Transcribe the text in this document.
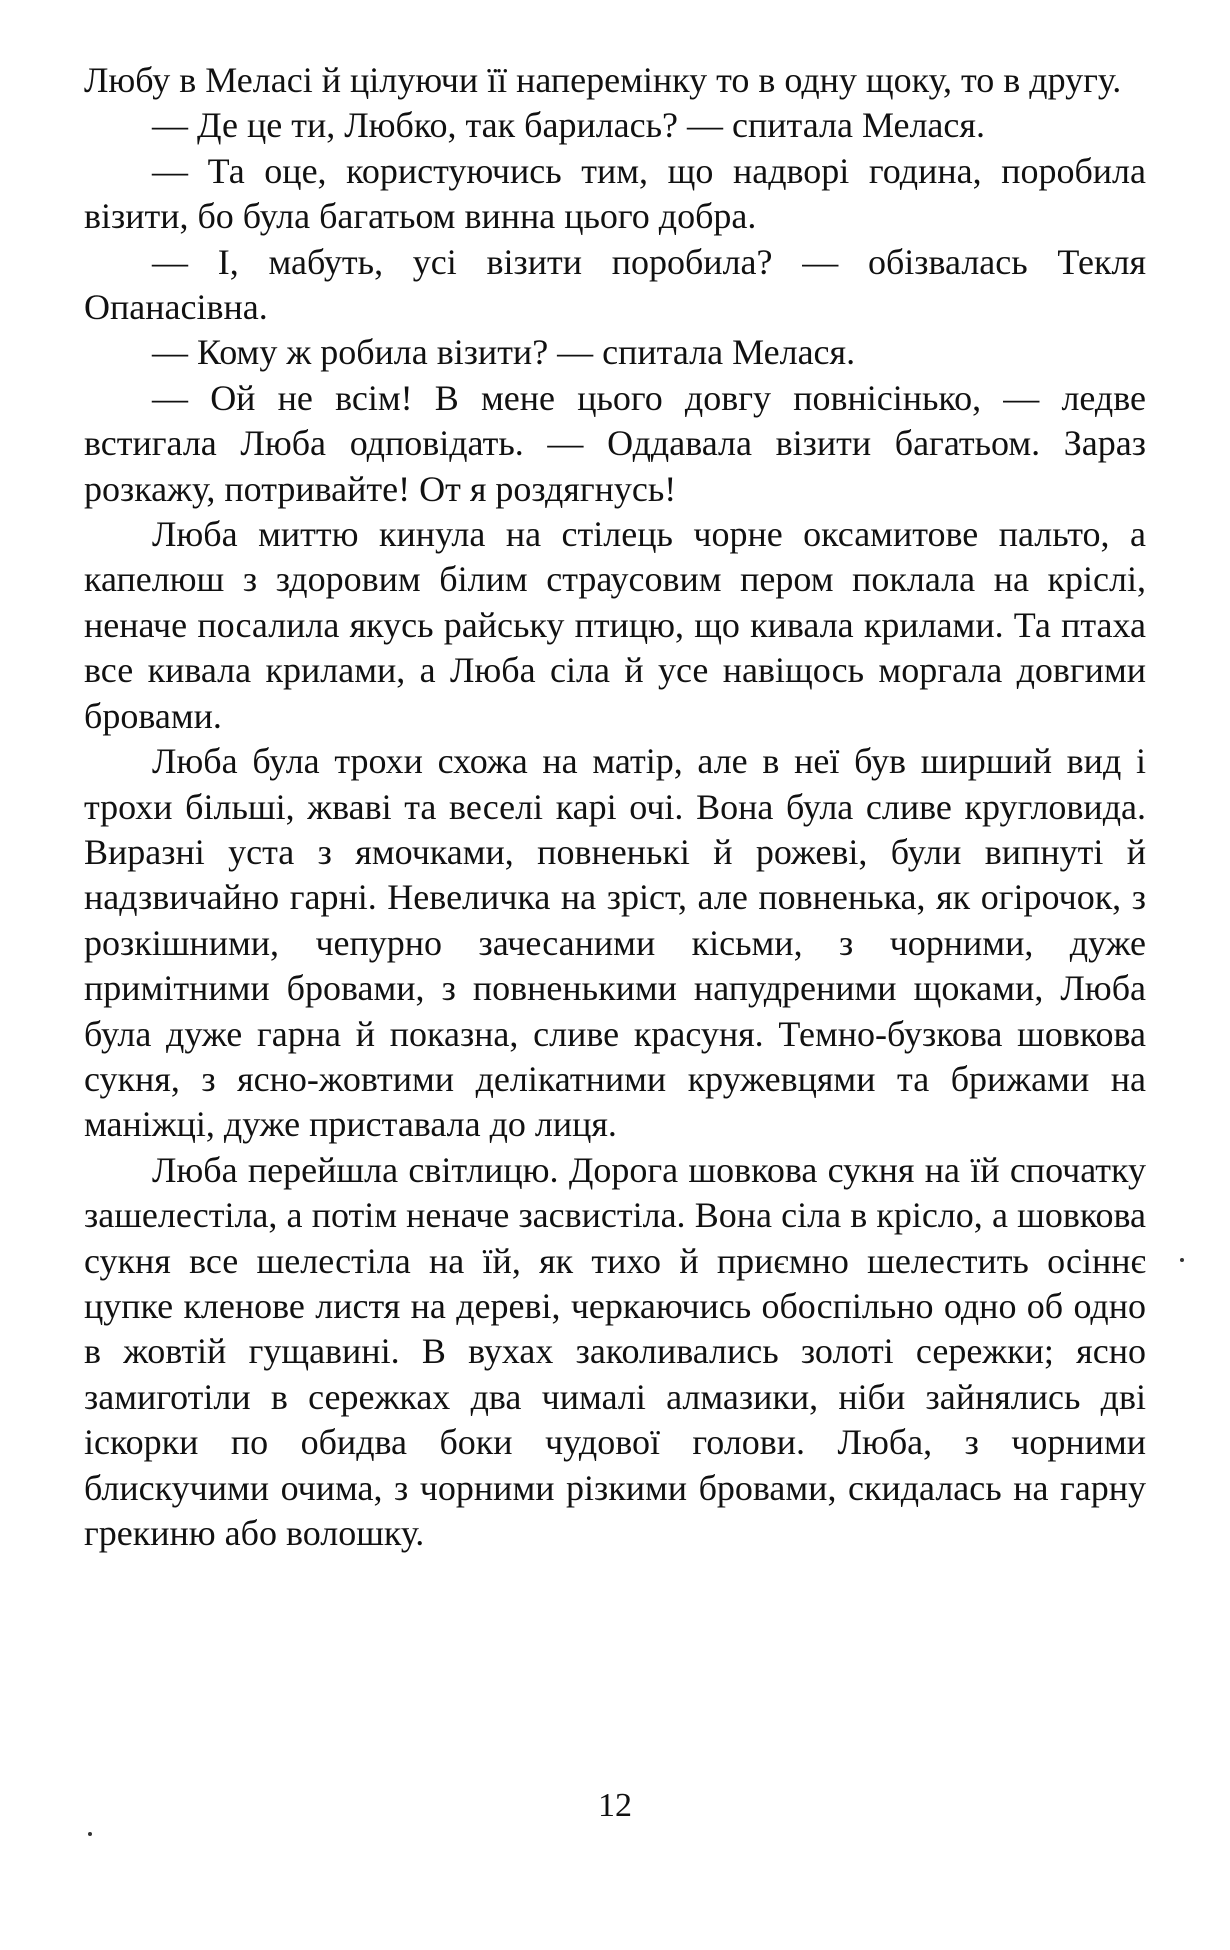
Любу в Меласі й цілуючи її наперемінку то в одну щоку, то в другу.

— Де це ти, Любко, так барилась? — спитала Мелася.

— Та оце, користуючись тим, що надворі година, поробила візити, бо була багатьом винна цього добра.

— І, мабуть, усі візити поробила? — обізвалась Текля Опанасівна.

— Кому ж робила візити? — спитала Мелася.

— Ой не всім! В мене цього довгу повнісінько, — ледве встигала Люба одповідать. — Оддавала візити багатьом. Зараз розкажу, потривайте! От я роздягнусь!

Люба миттю кинула на стілець чорне оксамитове пальто, а капелюш з здоровим білим страусовим пером поклала на кріслі, неначе посалила якусь райську птицю, що кивала крилами. Та птаха все кивала крилами, а Люба сіла й усе навіщось моргала довгими бровами.

Люба була трохи схожа на матір, але в неї був ширший вид і трохи більші, жваві та веселі карі очі. Вона була сливе кругловида. Виразні уста з ямочками, повненькі й рожеві, були випнуті й надзвичайно гарні. Невеличка на зріст, але повненька, як огірочок, з розкішними, чепурно зачесаними кісьми, з чорними, дуже примітними бровами, з повненькими напудреними щоками, Люба була дуже гарна й показна, сливе красуня. Темно-бузкова шовкова сукня, з ясно-жовтими делікатними кружевцями та брижами на маніжці, дуже приставала до лиця.

Люба перейшла світлицю. Дорога шовкова сукня на їй спочатку зашелестіла, а потім неначе засвистіла. Вона сіла в крісло, а шовкова сукня все шелестіла на їй, як тихо й приємно шелестить осіннє цупке кленове листя на дереві, черкаючись обоспільно одно об одно в жовтій гущавині. В вухах заколивались золоті сережки; ясно замиготіли в сережках два чималі алмазики, ніби зайнялись дві іскорки по обидва боки чудової голови. Люба, з чорними блискучими очима, з чорними різкими бровами, скидалась на гарну грекиню або волошку.

12
